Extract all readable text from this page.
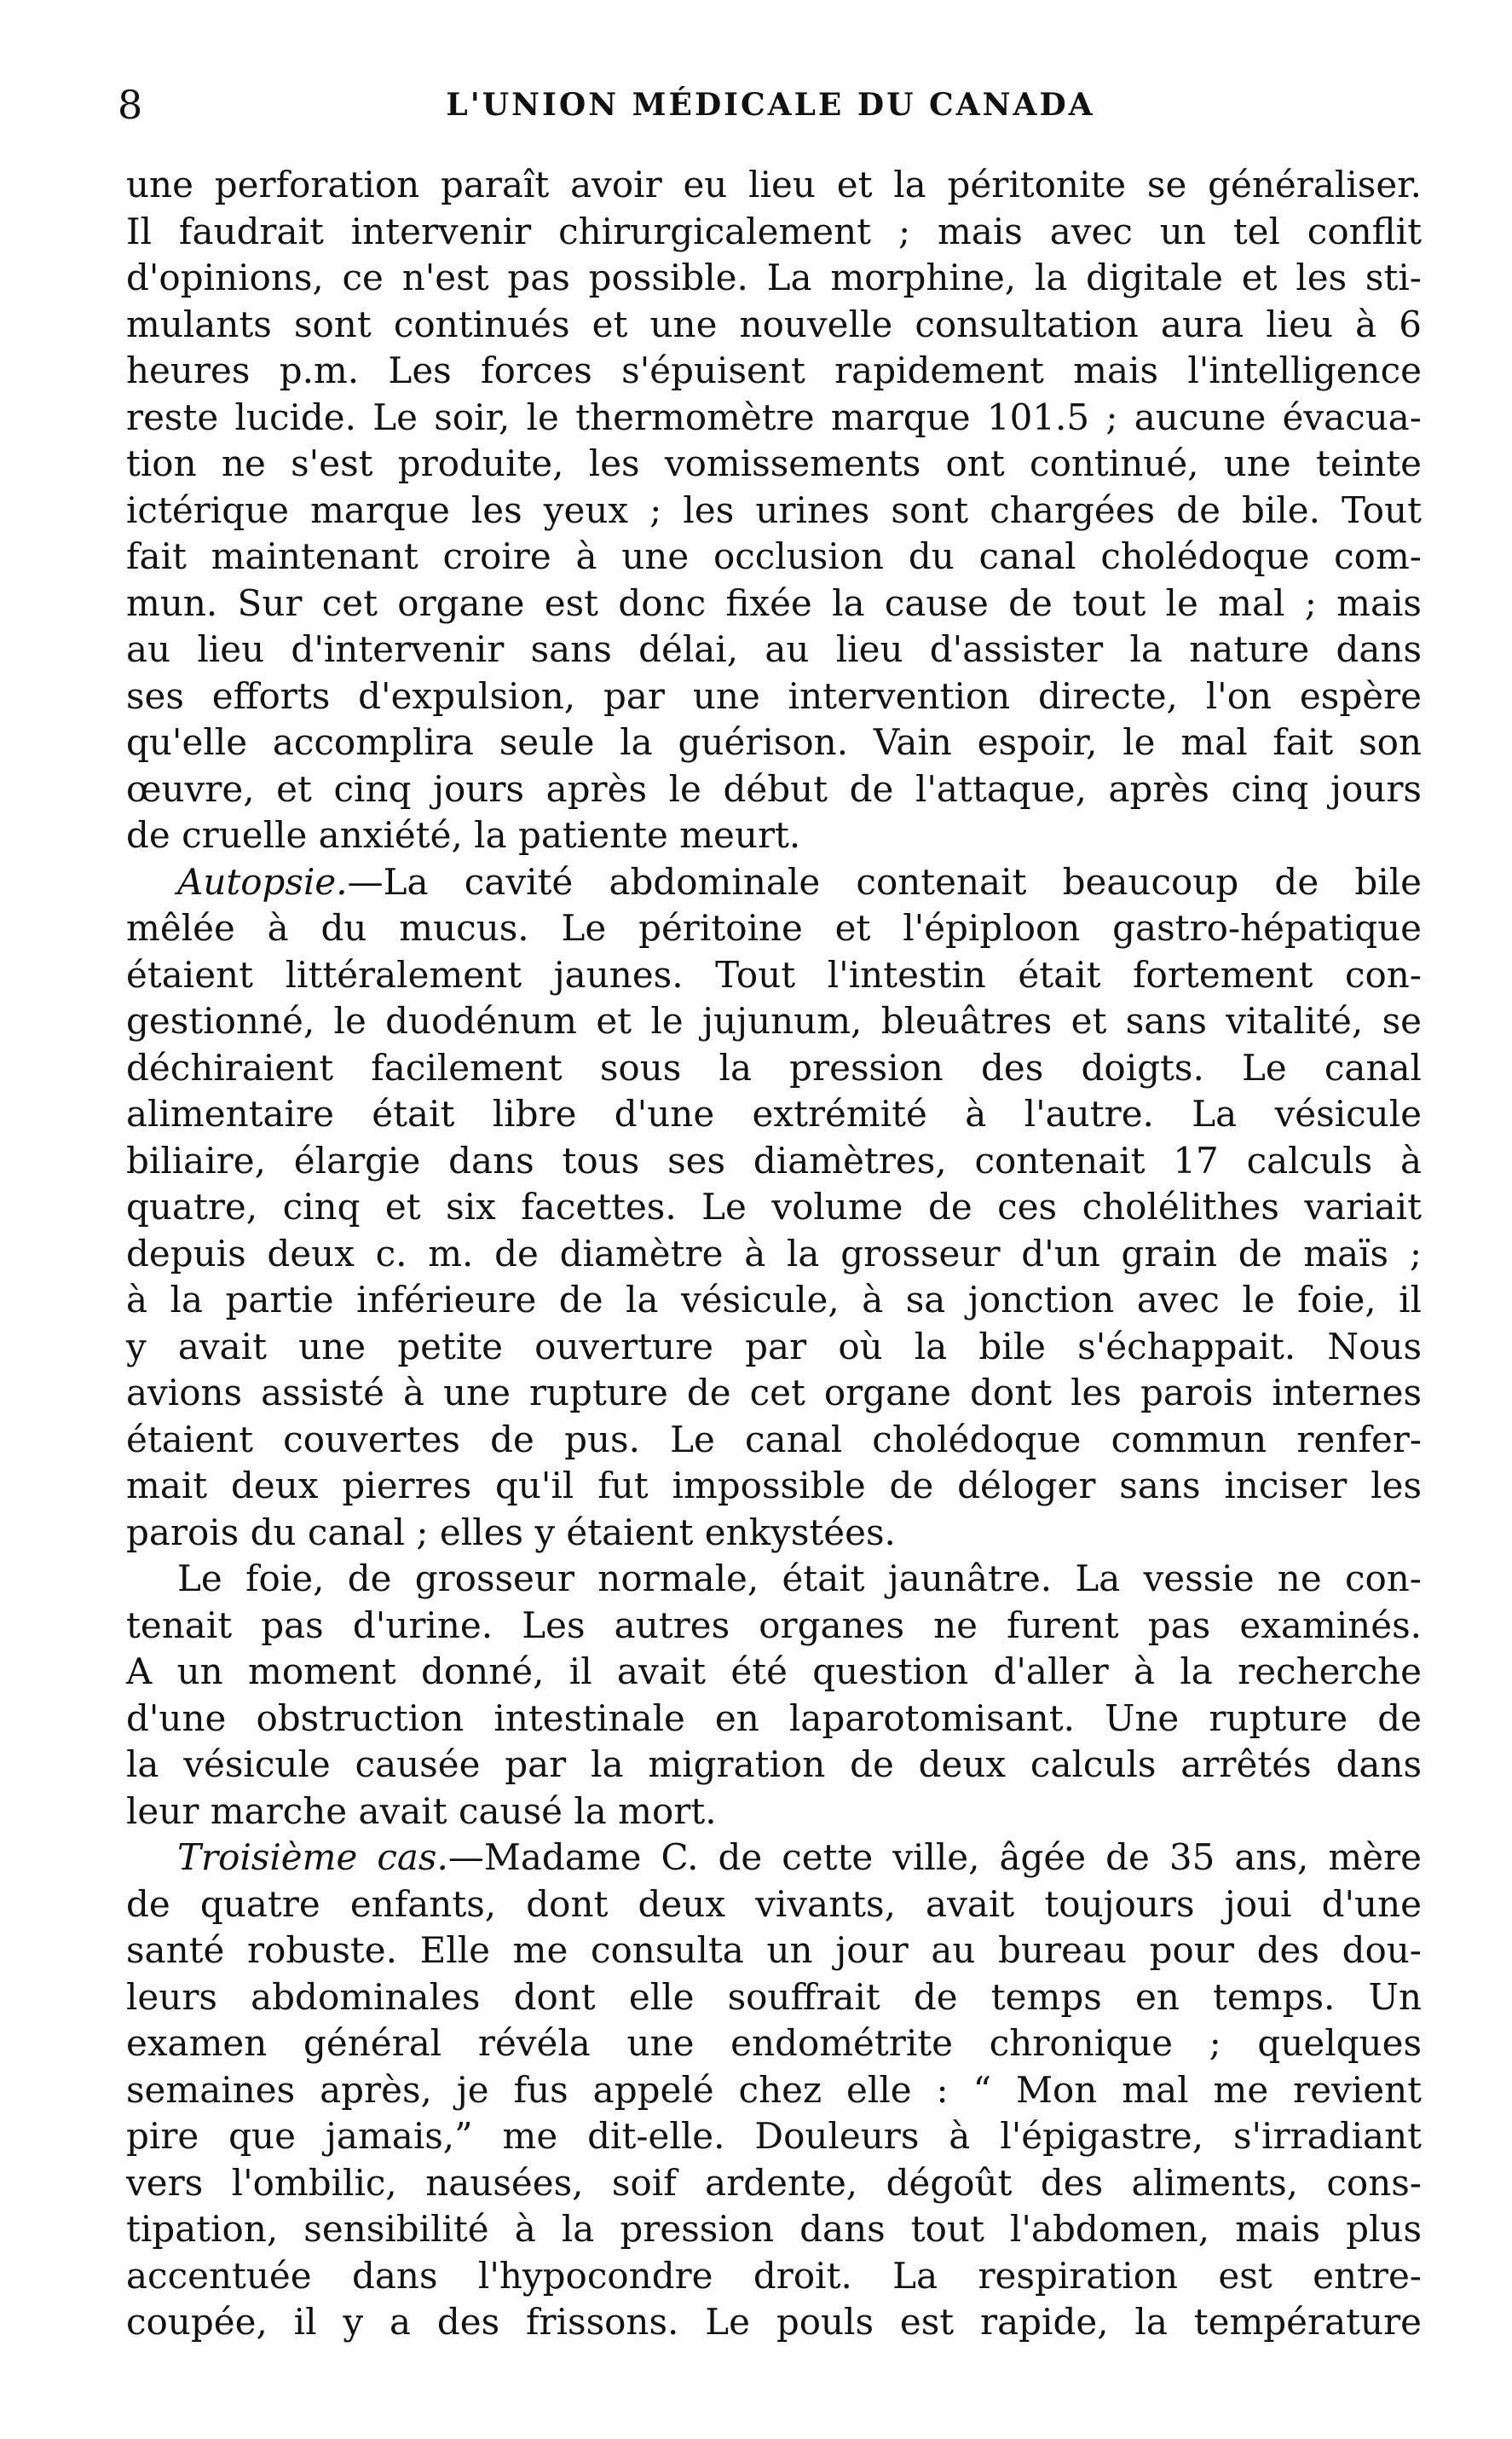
8	L'UNION MÉDICALE DU CANADA
une perforation paraît avoir eu lieu et la péritonite se généraliser.
Il faudrait intervenir chirurgicalement ; mais avec un tel conflit
d'opinions, ce n'est pas possible. La morphine, la digitale et les sti-
mulants sont continués et une nouvelle consultation aura lieu à 6
heures p.m. Les forces s'épuisent rapidement mais l'intelligence
reste lucide. Le soir, le thermomètre marque 101.5 ; aucune évacua-
tion ne s'est produite, les vomissements ont continué, une teinte
ictérique marque les yeux ; les urines sont chargées de bile. Tout
fait maintenant croire à une occlusion du canal cholédoque com-
mun. Sur cet organe est donc fixée la cause de tout le mal ; mais
au lieu d'intervenir sans délai, au lieu d'assister la nature dans
ses efforts d'expulsion, par une intervention directe, l'on espère
qu'elle accomplira seule la guérison. Vain espoir, le mal fait son
œuvre, et cinq jours après le début de l'attaque, après cinq jours
de cruelle anxiété, la patiente meurt.
Autopsie.—La cavité abdominale contenait beaucoup de bile
mêlée à du mucus. Le péritoine et l'épiploon gastro-hépatique
étaient littéralement jaunes. Tout l'intestin était fortement con-
gestionné, le duodénum et le jujunum, bleuâtres et sans vitalité, se
déchiraient facilement sous la pression des doigts. Le canal
alimentaire était libre d'une extrémité à l'autre. La vésicule
biliaire, élargie dans tous ses diamètres, contenait 17 calculs à
quatre, cinq et six facettes. Le volume de ces cholélithes variait
depuis deux c. m. de diamètre à la grosseur d'un grain de maïs ;
à la partie inférieure de la vésicule, à sa jonction avec le foie, il
y avait une petite ouverture par où la bile s'échappait. Nous
avions assisté à une rupture de cet organe dont les parois internes
étaient couvertes de pus. Le canal cholédoque commun renfer-
mait deux pierres qu'il fut impossible de déloger sans inciser les
parois du canal ; elles y étaient enkystées.
Le foie, de grosseur normale, était jaunâtre. La vessie ne con-
tenait pas d'urine. Les autres organes ne furent pas examinés.
A un moment donné, il avait été question d'aller à la recherche
d'une obstruction intestinale en laparotomisant. Une rupture de
la vésicule causée par la migration de deux calculs arrêtés dans
leur marche avait causé la mort.
Troisième cas.—Madame C. de cette ville, âgée de 35 ans, mère
de quatre enfants, dont deux vivants, avait toujours joui d'une
santé robuste. Elle me consulta un jour au bureau pour des dou-
leurs abdominales dont elle souffrait de temps en temps. Un
examen général révéla une endométrite chronique ; quelques
semaines après, je fus appelé chez elle : “ Mon mal me revient
pire que jamais,” me dit-elle. Douleurs à l'épigastre, s'irradiant
vers l'ombilic, nausées, soif ardente, dégoût des aliments, cons-
tipation, sensibilité à la pression dans tout l'abdomen, mais plus
accentuée dans l'hypocondre droit. La respiration est entre-
coupée, il y a des frissons. Le pouls est rapide, la température
